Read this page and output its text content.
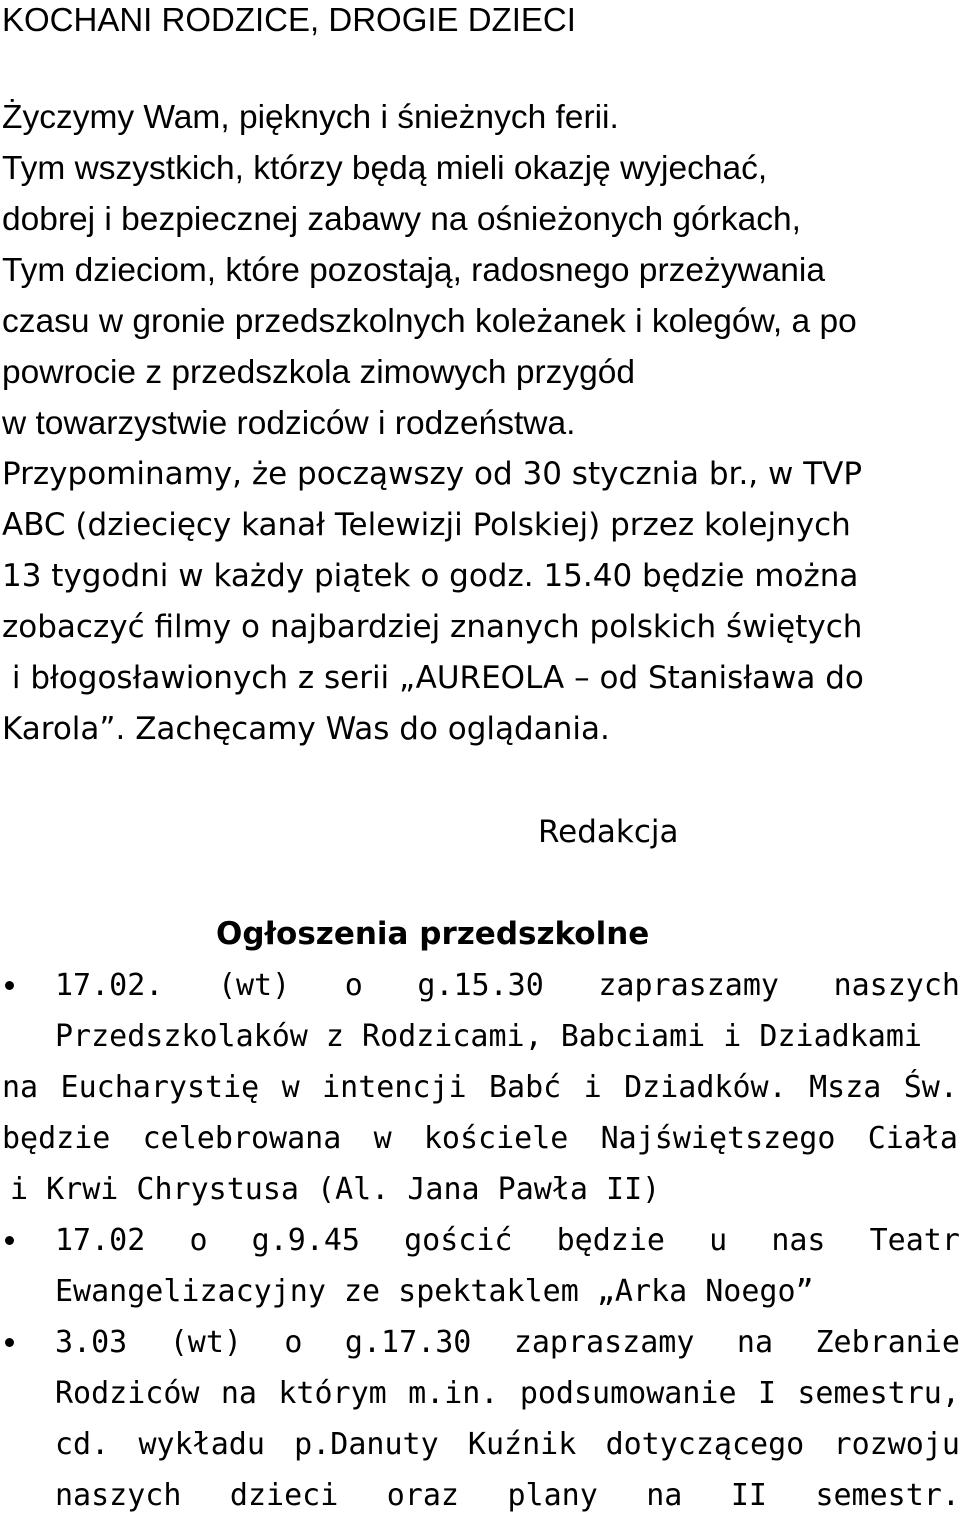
KOCHANI RODZICE, DROGIE DZIECI
Życzymy Wam, pięknych i śnieżnych ferii.
Tym wszystkich, którzy będą mieli okazję wyjechać,
dobrej i bezpiecznej zabawy na ośnieżonych górkach,
Tym dzieciom, które pozostają, radosnego przeżywania
czasu w gronie przedszkolnych koleżanek i kolegów, a po
powrocie z przedszkola zimowych przygód
w towarzystwie rodziców i rodzeństwa.
Przypominamy, że począwszy od 30 stycznia br., w TVP
ABC (dziecięcy kanał Telewizji Polskiej) przez kolejnych
13 tygodni w każdy piątek o godz. 15.40 będzie można
zobaczyć filmy o najbardziej znanych polskich świętych
i błogosławionych z serii „AUREOLA – od Stanisława do
Karola”. Zachęcamy Was do oglądania.

Redakcja

Ogłoszenia przedszkolne
17.02. (wt) o g.15.30 zapraszamy naszych
Przedszkolaków z Rodzicami, Babciami i Dziadkami
na Eucharystię w intencji Babć i Dziadków. Msza Św.
będzie celebrowana w kościele Najświętszego Ciała
i Krwi Chrystusa (Al. Jana Pawła II)
17.02 o g.9.45 gościć będzie u nas Teatr
Ewangelizacyjny ze spektaklem „Arka Noego”
3.03 (wt) o g.17.30 zapraszamy na Zebranie
Rodziców na którym m.in. podsumowanie I semestru,
cd. wykładu p.Danuty Kuźnik dotyczącego rozwoju
naszych dzieci oraz plany na II semestr.
